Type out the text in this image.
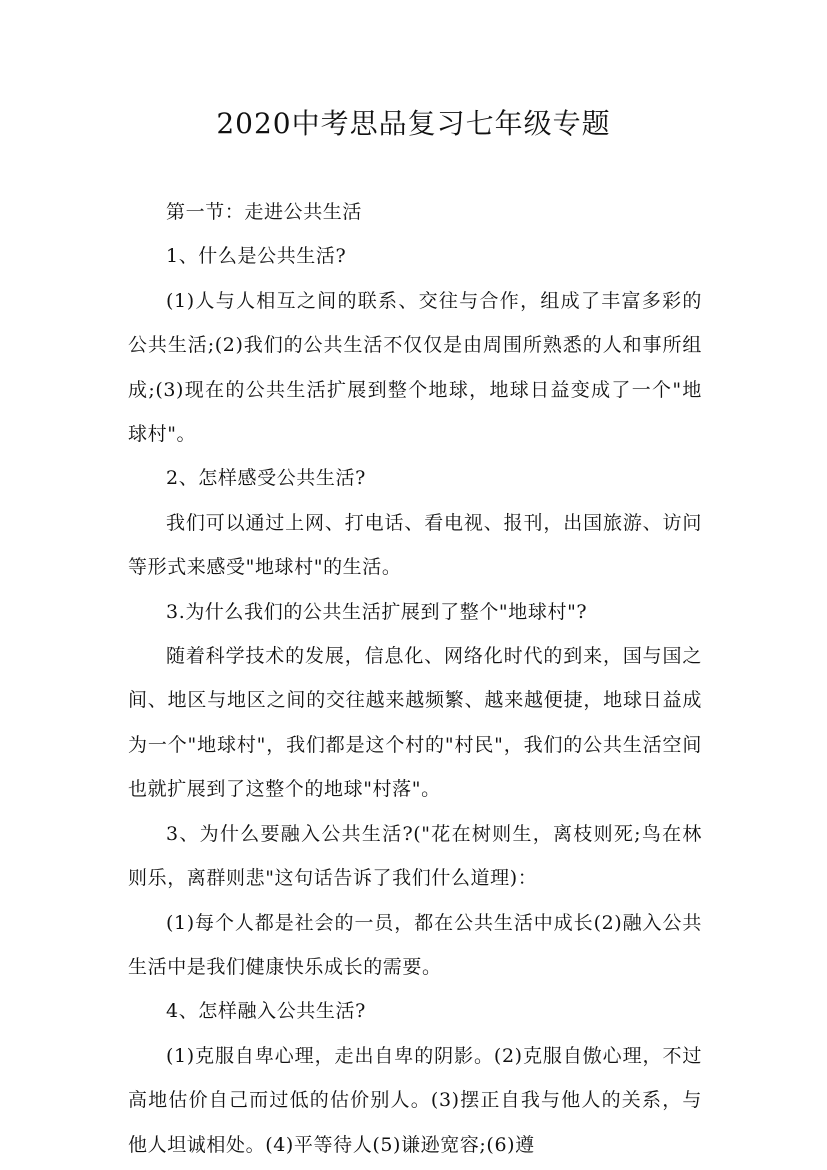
2020中考思品复习七年级专题

第一节：走进公共生活

1、什么是公共生活?

(1)人与人相互之间的联系、交往与合作，组成了丰富多彩的公共生活;(2)我们的公共生活不仅仅是由周围所熟悉的人和事所组成;(3)现在的公共生活扩展到整个地球，地球日益变成了一个"地球村"。

2、怎样感受公共生活?

我们可以通过上网、打电话、看电视、报刊，出国旅游、访问等形式来感受"地球村"的生活。

3.为什么我们的公共生活扩展到了整个"地球村"?

随着科学技术的发展，信息化、网络化时代的到来，国与国之间、地区与地区之间的交往越来越频繁、越来越便捷，地球日益成为一个"地球村"，我们都是这个村的"村民"，我们的公共生活空间也就扩展到了这整个的地球"村落"。

3、为什么要融入公共生活?("花在树则生，离枝则死;鸟在林则乐，离群则悲"这句话告诉了我们什么道理)：

(1)每个人都是社会的一员，都在公共生活中成长(2)融入公共生活中是我们健康快乐成长的需要。

4、怎样融入公共生活?

(1)克服自卑心理，走出自卑的阴影。(2)克服自傲心理，不过高地估价自己而过低的估价别人。(3)摆正自我与他人的关系，与他人坦诚相处。(4)平等待人(5)谦逊宽容;(6)遵
